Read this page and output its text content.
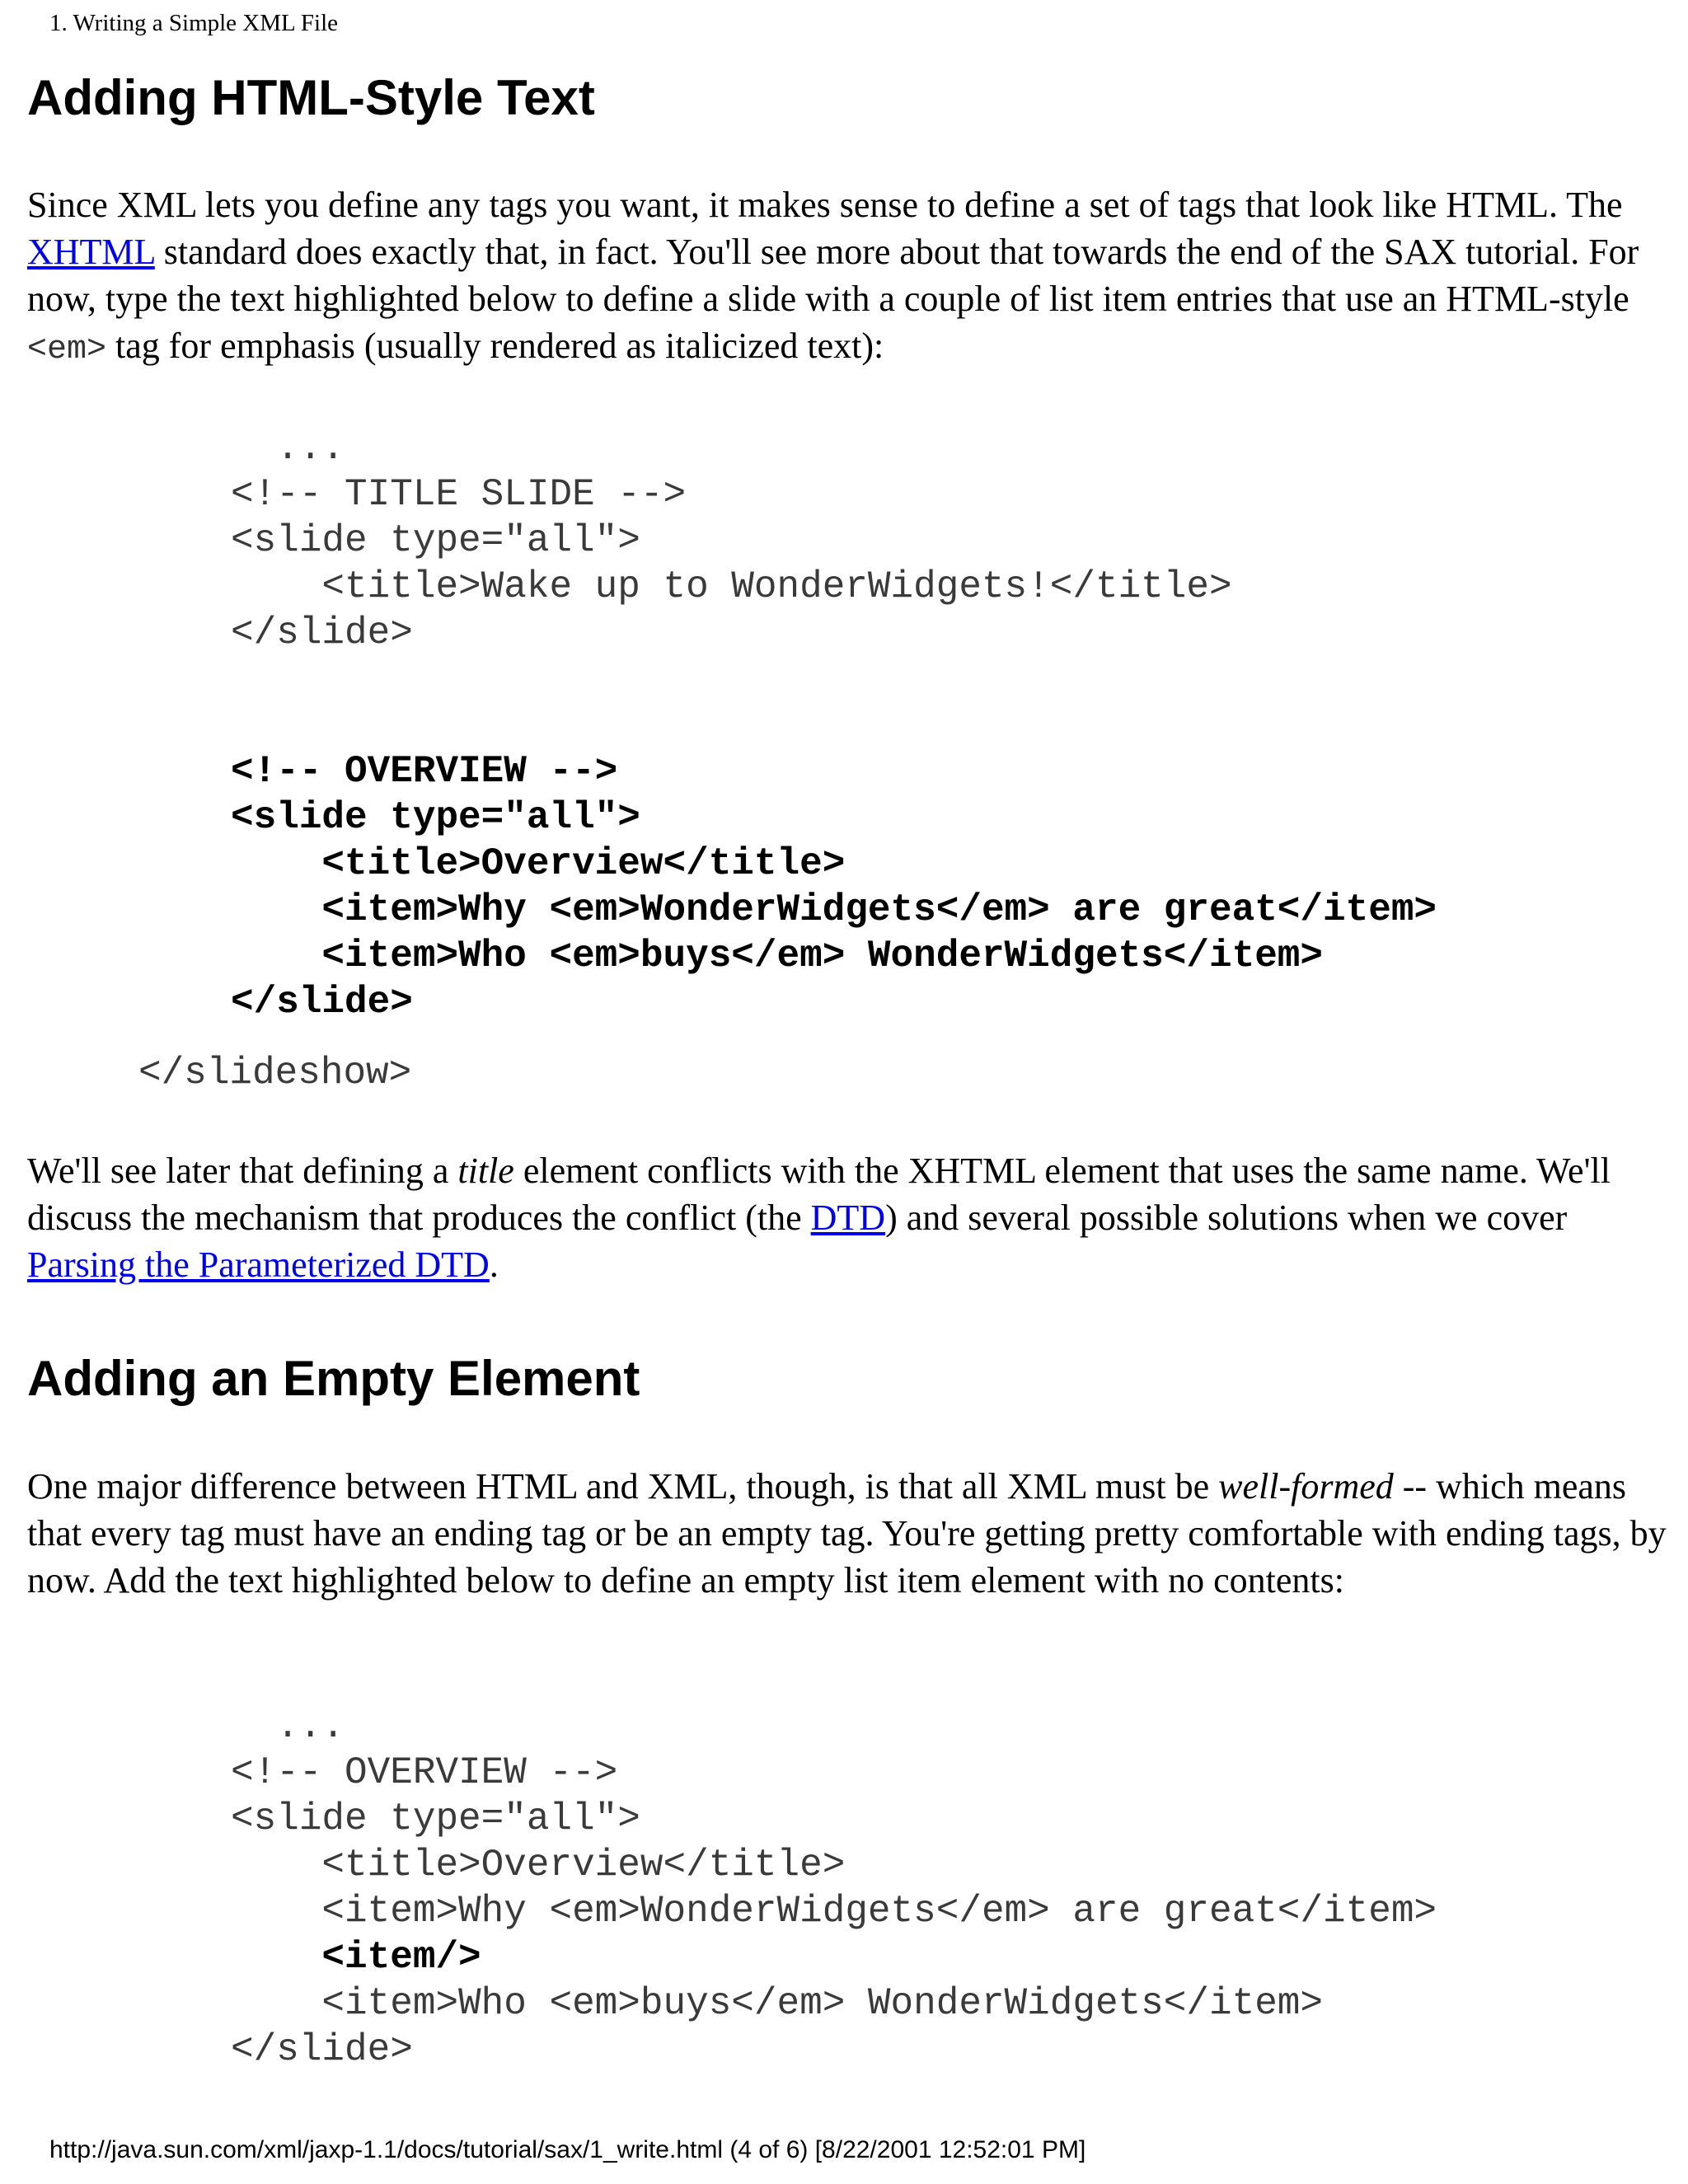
1. Writing a Simple XML File
Adding HTML-Style Text
Since XML lets you define any tags you want, it makes sense to define a set of tags that look like HTML. The XHTML standard does exactly that, in fact. You'll see more about that towards the end of the SAX tutorial. For now, type the text highlighted below to define a slide with a couple of list item entries that use an HTML-style <em> tag for emphasis (usually rendered as italicized text):
...
<!-- TITLE SLIDE -->
<slide type="all">
<title>Wake up to WonderWidgets!</title>
</slide>

<!-- OVERVIEW -->
<slide type="all">
<title>Overview</title>
<item>Why <em>WonderWidgets</em> are great</item>
<item>Who <em>buys</em> WonderWidgets</item>
</slide>
</slideshow>
We'll see later that defining a title element conflicts with the XHTML element that uses the same name. We'll discuss the mechanism that produces the conflict (the DTD) and several possible solutions when we cover Parsing the Parameterized DTD.
Adding an Empty Element
One major difference between HTML and XML, though, is that all XML must be well-formed -- which means that every tag must have an ending tag or be an empty tag. You're getting pretty comfortable with ending tags, by now. Add the text highlighted below to define an empty list item element with no contents:
...
<!-- OVERVIEW -->
<slide type="all">
<title>Overview</title>
<item>Why <em>WonderWidgets</em> are great</item>
<item/>
<item>Who <em>buys</em> WonderWidgets</item>
</slide>
http://java.sun.com/xml/jaxp-1.1/docs/tutorial/sax/1_write.html (4 of 6) [8/22/2001 12:52:01 PM]
